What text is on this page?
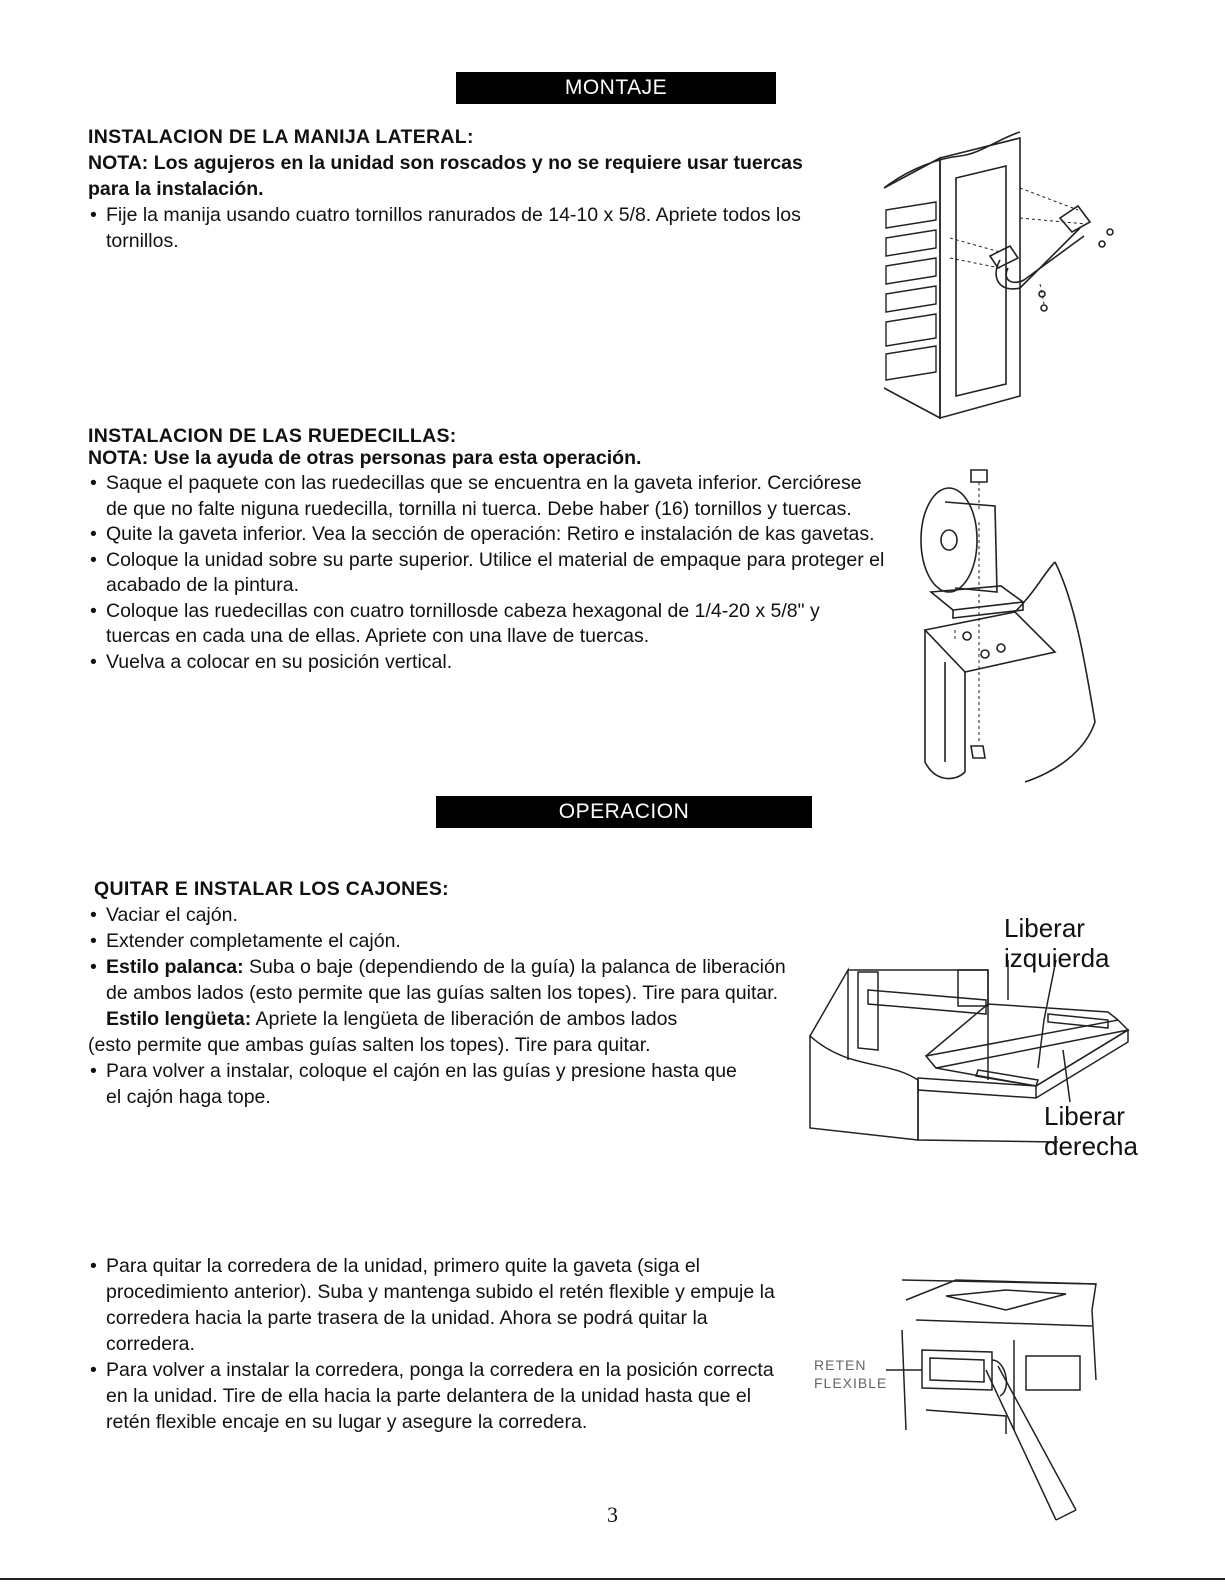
MONTAJE
INSTALACION DE LA MANIJA LATERAL:
NOTA: Los agujeros en la unidad son roscados y no se requiere usar tuercas para la instalación.
• Fije la manija usando cuatro tornillos ranurados de 14-10 x 5/8. Apriete todos los tornillos.
INSTALACION DE LAS RUEDECILLAS:
NOTA: Use la ayuda de otras personas para esta operación.
• Saque el paquete con las ruedecillas que se encuentra en la gaveta inferior. Cerciórese de que no falte niguna ruedecilla, tornilla ni tuerca. Debe haber (16) tornillos y tuercas.
• Quite la gaveta inferior. Vea la sección de operación: Retiro e instalación de kas gavetas.
• Coloque la unidad sobre su parte superior. Utilice el material de empaque para proteger el acabado de la pintura.
• Coloque las ruedecillas con cuatro tornillosde cabeza hexagonal de 1/4-20 x 5/8" y tuercas en cada una de ellas. Apriete con una llave de tuercas.
• Vuelva a colocar en su posición vertical.
OPERACION
QUITAR E INSTALAR LOS CAJONES:
• Vaciar el cajón.
• Extender completamente el cajón.
• Estilo palanca: Suba o baje (dependiendo de la guía) la palanca de liberación de ambos lados (esto permite que las guías salten los topes). Tire para quitar.
Estilo lengüeta: Apriete la lengüeta de liberación de ambos lados
(esto permite que ambas guías salten los topes). Tire para quitar.
• Para volver a instalar, coloque el cajón en las guías y presione hasta que el cajón haga tope.
Liberar
izquierda
Liberar
derecha
• Para quitar la corredera de la unidad, primero quite la gaveta (siga el procedimiento anterior). Suba y mantenga subido el retén flexible y empuje la corredera hacia la parte trasera de la unidad. Ahora se podrá quitar la corredera.
• Para volver a instalar la corredera, ponga la corredera en la posición correcta en la unidad. Tire de ella hacia la parte delantera de la unidad hasta que el retén flexible encaje en su lugar y asegure la corredera.
RETEN
FLEXIBLE
3
